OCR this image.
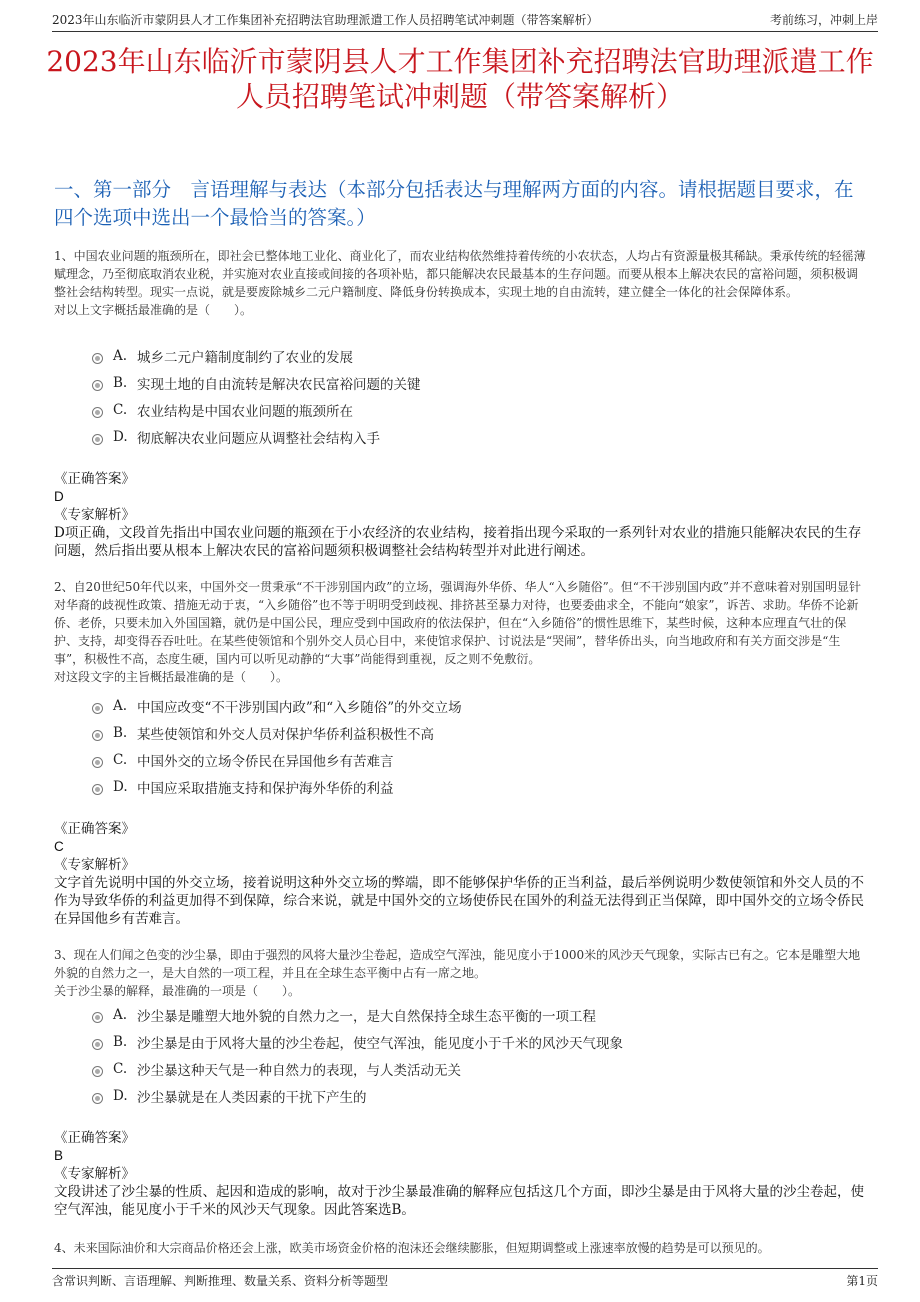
2023年山东临沂市蒙阴县人才工作集团补充招聘法官助理派遣工作人员招聘笔试冲刺题（带答案解析）	考前练习，冲刺上岸
2023年山东临沂市蒙阴县人才工作集团补充招聘法官助理派遣工作人员招聘笔试冲刺题（带答案解析）
一、第一部分　言语理解与表达（本部分包括表达与理解两方面的内容。请根据题目要求，在四个选项中选出一个最恰当的答案。）

1、中国农业问题的瓶颈所在，即社会已整体地工业化、商业化了，而农业结构依然维持着传统的小农状态，人均占有资源量极其稀缺。秉承传统的轻徭薄赋理念，乃至彻底取消农业税，并实施对农业直接或间接的各项补贴，都只能解决农民最基本的生存问题。而要从根本上解决农民的富裕问题，须积极调整社会结构转型。现实一点说，就是要废除城乡二元户籍制度、降低身份转换成本，实现土地的自由流转，建立健全一体化的社会保障体系。

对以上文字概括最准确的是（　　）。

A. 城乡二元户籍制度制约了农业的发展
B. 实现土地的自由流转是解决农民富裕问题的关键
C. 农业结构是中国农业问题的瓶颈所在
D. 彻底解决农业问题应从调整社会结构入手
《正确答案》
D
《专家解析》
D项正确，文段首先指出中国农业问题的瓶颈在于小农经济的农业结构，接着指出现今采取的一系列针对农业的措施只能解决农民的生存问题，然后指出要从根本上解决农民的富裕问题须积极调整社会结构转型并对此进行阐述。

2、自20世纪50年代以来，中国外交一贯秉承“不干涉别国内政”的立场，强调海外华侨、华人“入乡随俗”。但“不干涉别国内政”并不意味着对别国明显针对华裔的歧视性政策、措施无动于衷，“入乡随俗”也不等于明明受到歧视、排挤甚至暴力对待，也要委曲求全，不能向“娘家”，诉苦、求助。华侨不论新侨、老侨，只要未加入外国国籍，就仍是中国公民，理应受到中国政府的依法保护，但在“入乡随俗”的惯性思维下，某些时候，这种本应理直气壮的保护、支持，却变得吞吞吐吐。在某些使领馆和个别外交人员心目中，来使馆求保护、讨说法是“哭闹”，替华侨出头，向当地政府和有关方面交涉是“生事”，积极性不高，态度生硬，国内可以听见动静的“大事”尚能得到重视，反之则不免敷衍。

对这段文字的主旨概括最准确的是（　　）。

A. 中国应改变“不干涉别国内政”和“入乡随俗”的外交立场
B. 某些使领馆和外交人员对保护华侨利益积极性不高
C. 中国外交的立场令侨民在异国他乡有苦难言
D. 中国应采取措施支持和保护海外华侨的利益
《正确答案》
C
《专家解析》
文字首先说明中国的外交立场，接着说明这种外交立场的弊端，即不能够保护华侨的正当利益，最后举例说明少数使领馆和外交人员的不作为导致华侨的利益更加得不到保障，综合来说，就是中国外交的立场使侨民在国外的利益无法得到正当保障，即中国外交的立场令侨民在异国他乡有苦难言。

3、现在人们闻之色变的沙尘暴，即由于强烈的风将大量沙尘卷起，造成空气浑浊，能见度小于1000米的风沙天气现象，实际古已有之。它本是雕塑大地外貌的自然力之一，是大自然的一项工程，并且在全球生态平衡中占有一席之地。

关于沙尘暴的解释，最准确的一项是（　　）。

A. 沙尘暴是雕塑大地外貌的自然力之一，是大自然保持全球生态平衡的一项工程
B. 沙尘暴是由于风将大量的沙尘卷起，使空气浑浊，能见度小于千米的风沙天气现象
C. 沙尘暴这种天气是一种自然力的表现，与人类活动无关
D. 沙尘暴就是在人类因素的干扰下产生的
《正确答案》
B
《专家解析》
文段讲述了沙尘暴的性质、起因和造成的影响，故对于沙尘暴最准确的解释应包括这几个方面，即沙尘暴是由于风将大量的沙尘卷起，使空气浑浊，能见度小于千米的风沙天气现象。因此答案选B。

4、未来国际油价和大宗商品价格还会上涨，欧美市场资金价格的泡沫还会继续膨胀，但短期调整或上涨速率放慢的趋势是可以预见的。

含常识判断、言语理解、判断推理、数量关系、资料分析等题型	第1页
